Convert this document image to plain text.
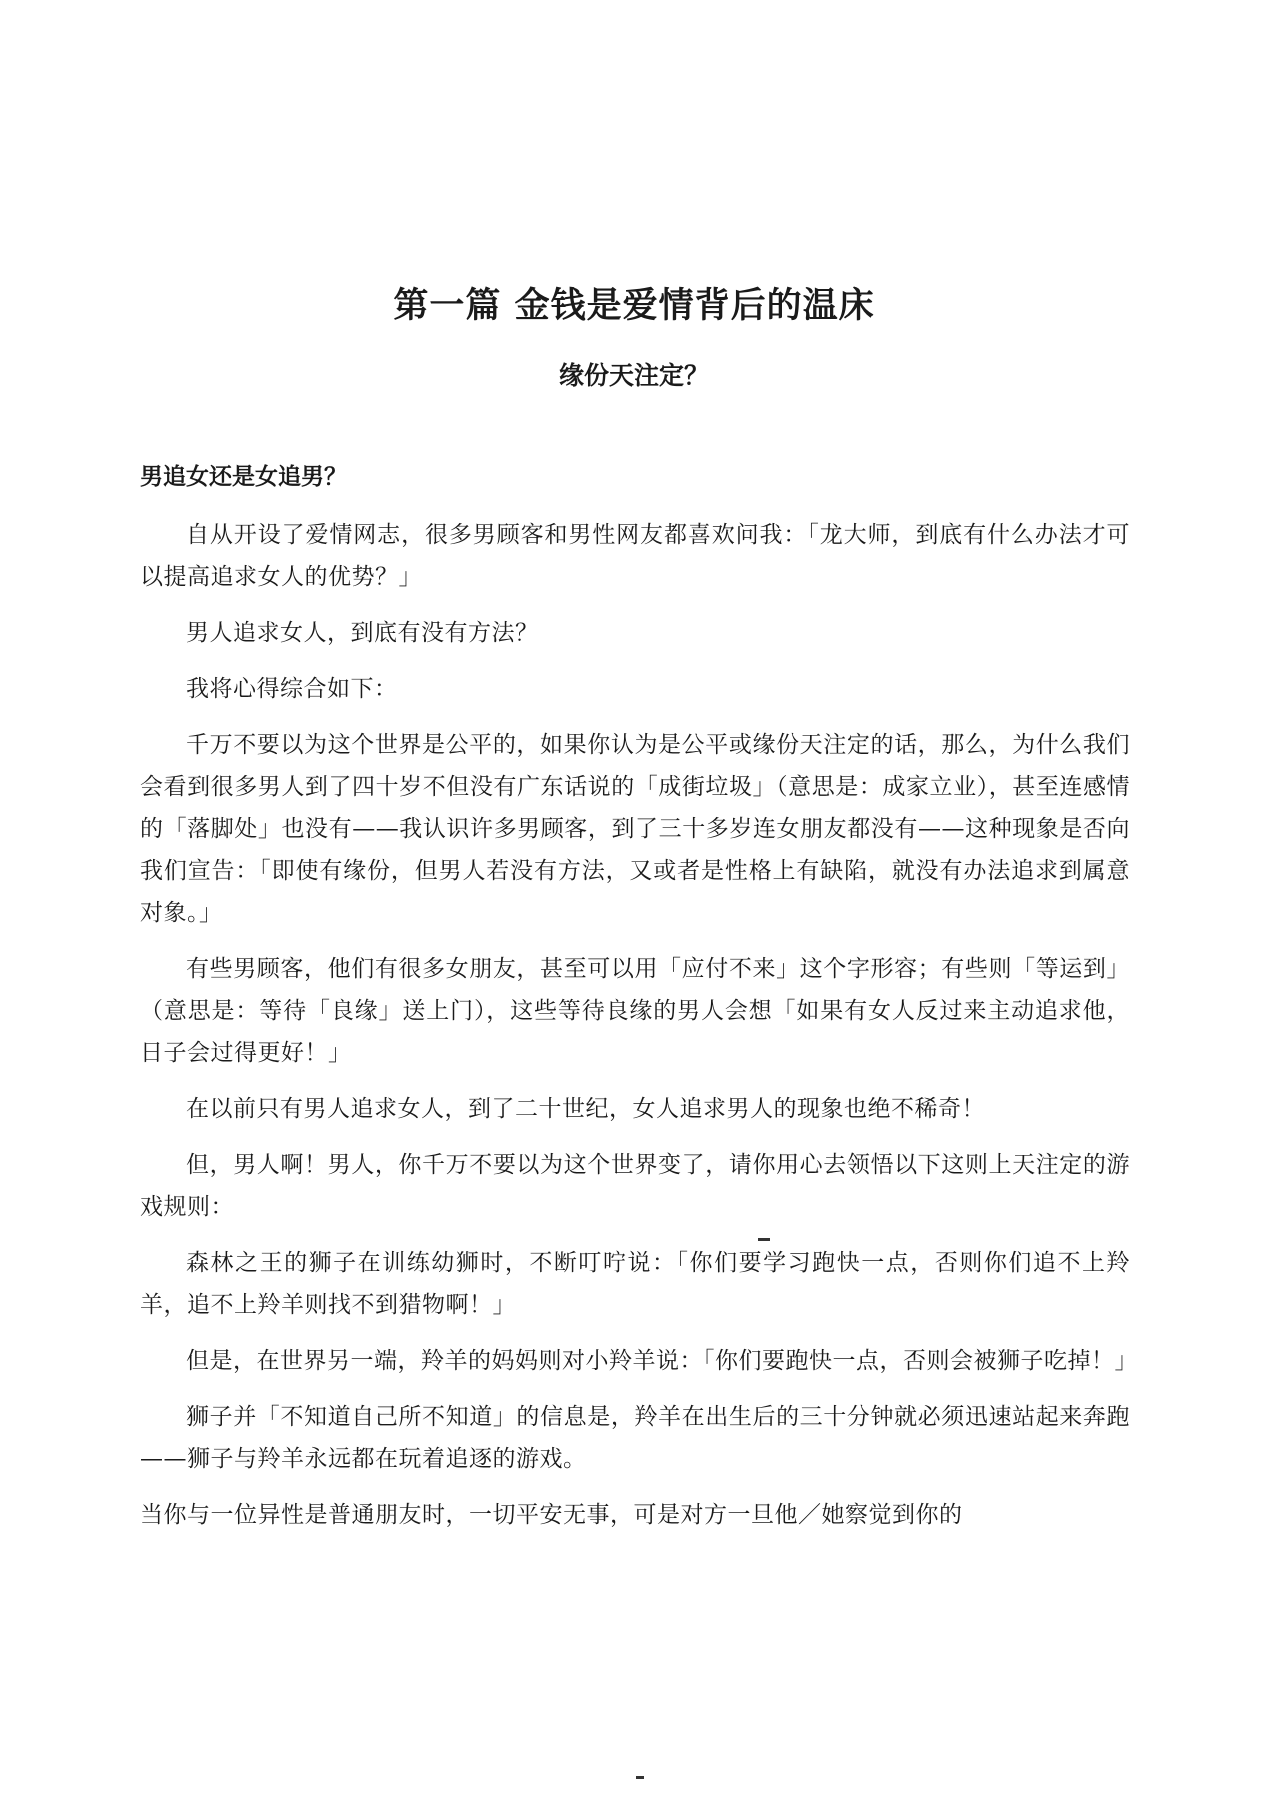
第一篇 金钱是爱情背后的温床
缘份天注定？

男追女还是女追男？

自从开设了爱情网志，很多男顾客和男性网友都喜欢问我：「龙大师，到底有什么办法才可以提高追求女人的优势？」

男人追求女人，到底有没有方法？

我将心得综合如下：

千万不要以为这个世界是公平的，如果你认为是公平或缘份天注定的话，那么，为什么我们会看到很多男人到了四十岁不但没有广东话说的「成街垃圾」（意思是：成家立业），甚至连感情的「落脚处」也没有——我认识许多男顾客，到了三十多岁连女朋友都没有——这种现象是否向我们宣告：「即使有缘份，但男人若没有方法，又或者是性格上有缺陷，就没有办法追求到属意对象。」

有些男顾客，他们有很多女朋友，甚至可以用「应付不来」这个字形容；有些则「等运到」（意思是：等待「良缘」送上门），这些等待良缘的男人会想「如果有女人反过来主动追求他，日子会过得更好！」

在以前只有男人追求女人，到了二十世纪，女人追求男人的现象也绝不稀奇！

但，男人啊！男人，你千万不要以为这个世界变了，请你用心去领悟以下这则上天注定的游戏规则：

森林之王的狮子在训练幼狮时，不断叮咛说：「你们要学习跑快一点，否则你们追不上羚羊，追不上羚羊则找不到猎物啊！」

但是，在世界另一端，羚羊的妈妈则对小羚羊说：「你们要跑快一点，否则会被狮子吃掉！」

狮子并「不知道自己所不知道」的信息是，羚羊在出生后的三十分钟就必须迅速站起来奔跑——狮子与羚羊永远都在玩着追逐的游戏。

当你与一位异性是普通朋友时，一切平安无事，可是对方一旦他／她察觉到你的
